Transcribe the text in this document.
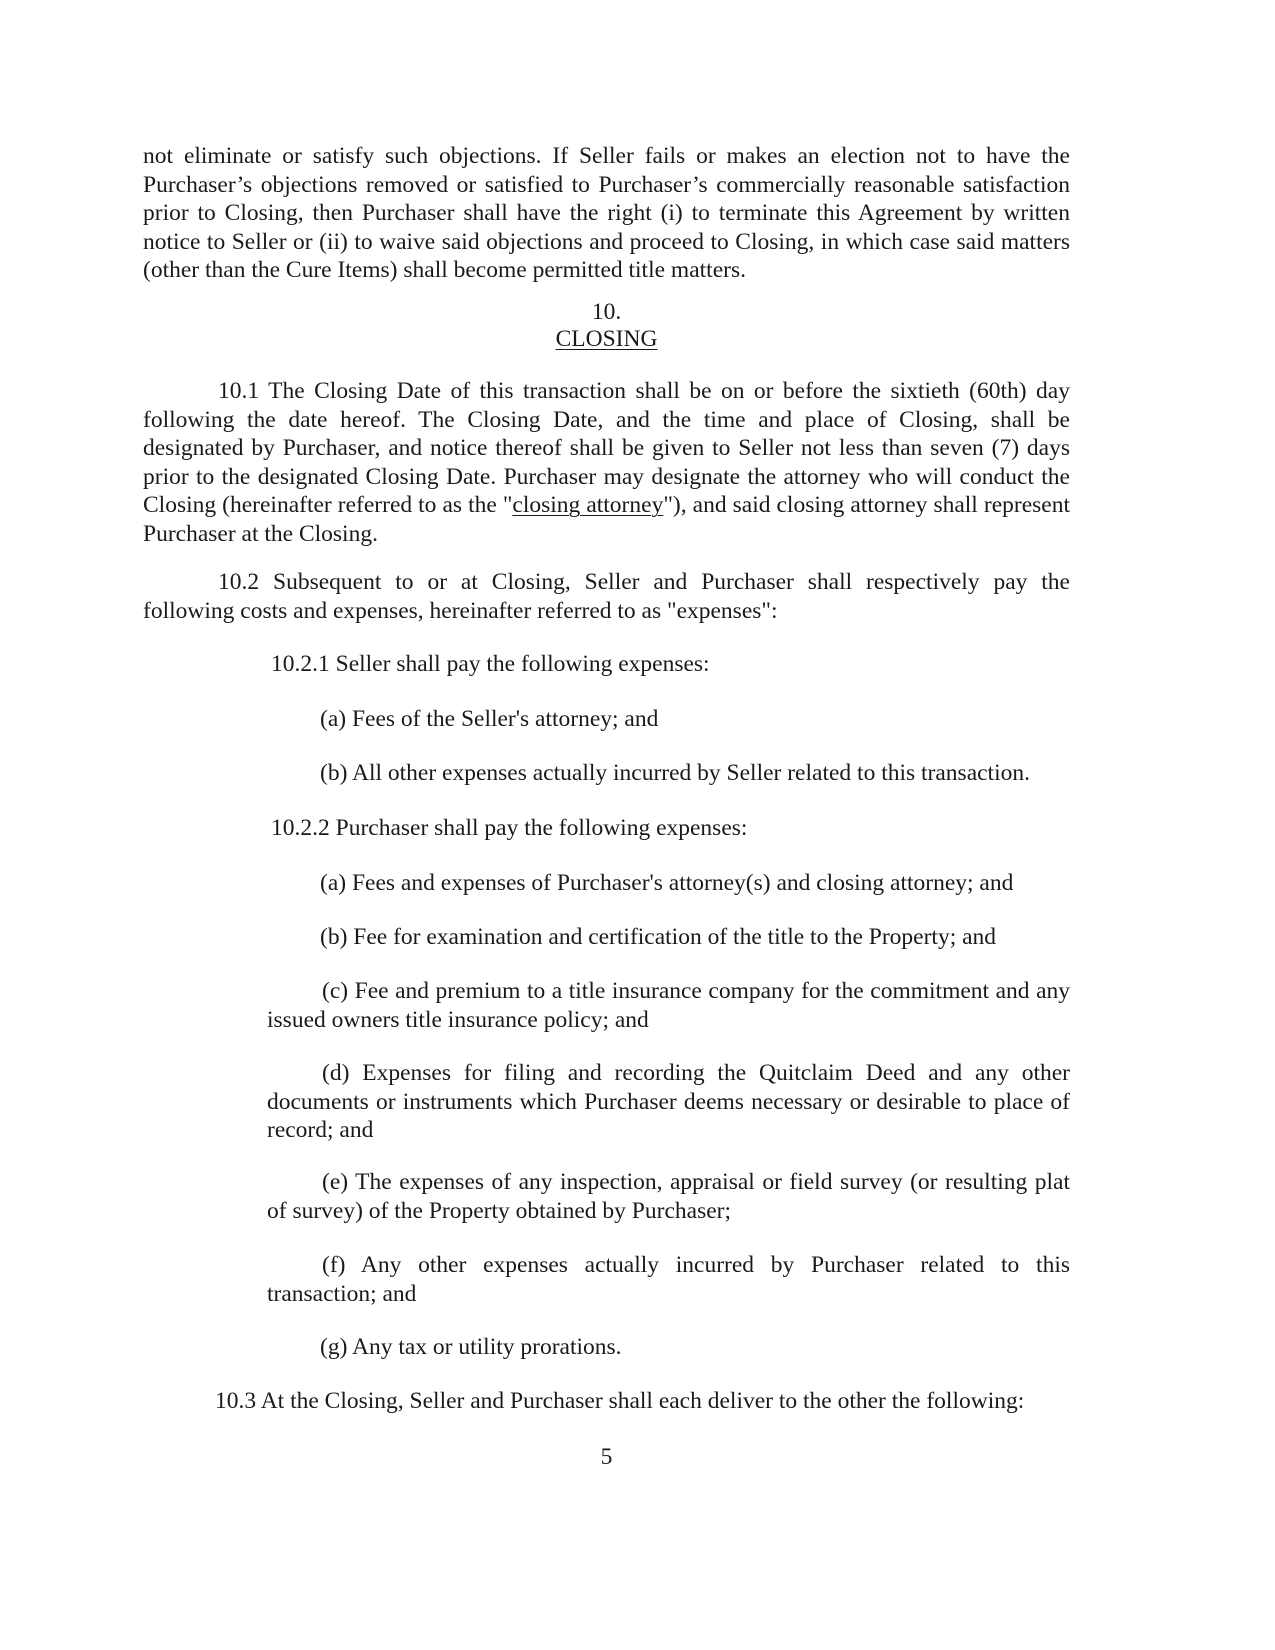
not eliminate or satisfy such objections. If Seller fails or makes an election not to have the Purchaser’s objections removed or satisfied to Purchaser’s commercially reasonable satisfaction prior to Closing, then Purchaser shall have the right (i) to terminate this Agreement by written notice to Seller or (ii) to waive said objections and proceed to Closing, in which case said matters (other than the Cure Items) shall become permitted title matters.

10.

CLOSING

10.1 The Closing Date of this transaction shall be on or before the sixtieth (60th) day following the date hereof. The Closing Date, and the time and place of Closing, shall be designated by Purchaser, and notice thereof shall be given to Seller not less than seven (7) days prior to the designated Closing Date. Purchaser may designate the attorney who will conduct the Closing (hereinafter referred to as the "closing attorney"), and said closing attorney shall represent Purchaser at the Closing.

10.2 Subsequent to or at Closing, Seller and Purchaser shall respectively pay the following costs and expenses, hereinafter referred to as "expenses":

10.2.1 Seller shall pay the following expenses:

(a) Fees of the Seller's attorney; and

(b) All other expenses actually incurred by Seller related to this transaction.

10.2.2 Purchaser shall pay the following expenses:

(a) Fees and expenses of Purchaser's attorney(s) and closing attorney; and

(b) Fee for examination and certification of the title to the Property; and

(c) Fee and premium to a title insurance company for the commitment and any issued owners title insurance policy; and

(d) Expenses for filing and recording the Quitclaim Deed and any other documents or instruments which Purchaser deems necessary or desirable to place of record; and

(e) The expenses of any inspection, appraisal or field survey (or resulting plat of survey) of the Property obtained by Purchaser;

(f) Any other expenses actually incurred by Purchaser related to this transaction; and

(g) Any tax or utility prorations.

10.3 At the Closing, Seller and Purchaser shall each deliver to the other the following:

5
